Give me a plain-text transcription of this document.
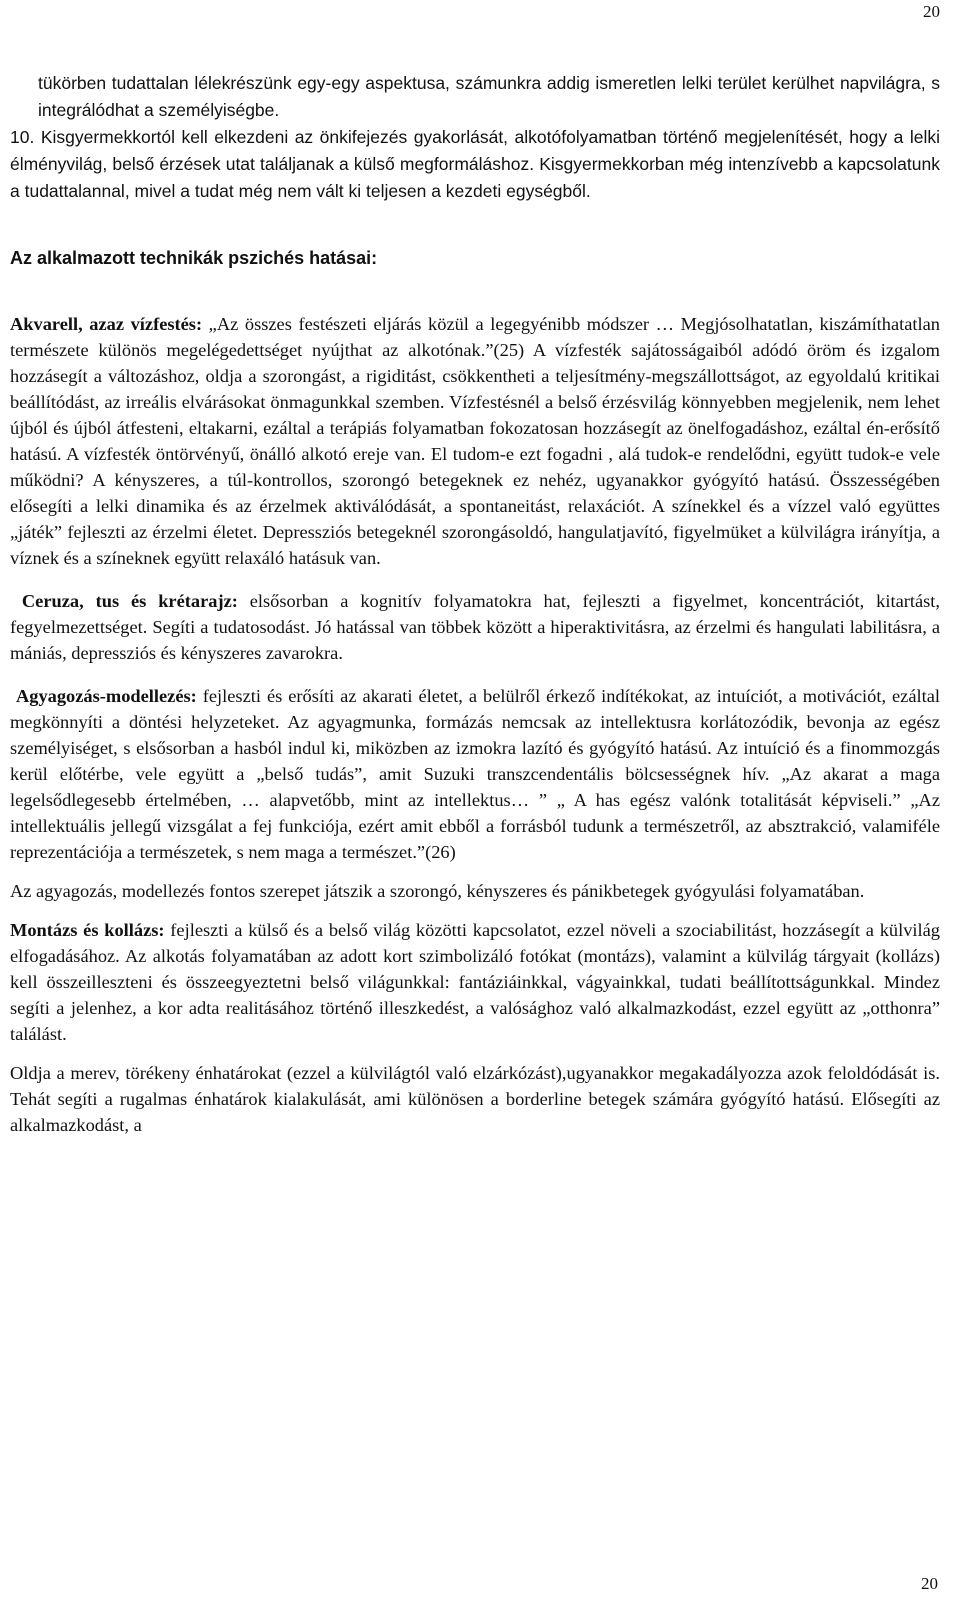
20

tükörben tudattalan lélekrészünk egy-egy aspektusa, számunkra addig ismeretlen lelki terület kerülhet napvilágra, s integrálódhat a személyiségbe.

10. Kisgyermekkortól kell elkezdeni az önkifejezés gyakorlását, alkotófolyamatban történő megjelenítését, hogy a lelki élményvilág, belső érzések utat találjanak a külső megformáláshoz. Kisgyermekkorban még intenzívebb a kapcsolatunk a tudattalannal, mivel a tudat még nem vált ki teljesen a kezdeti egységből.

Az alkalmazott technikák pszichés hatásai:

Akvarell, azaz vízfestés: „Az összes festészeti eljárás közül a legegyénibb módszer … Megjósolhatatlan, kiszámíthatatlan természete különös megelégedettséget nyújthat az alkotónak.”(25) A vízfesték sajátosságaiból adódó öröm és izgalom hozzásegít a változáshoz, oldja a szorongást, a rigiditást, csökkentheti a teljesítmény-megszállottságot, az egyoldalú kritikai beállítódást, az irreális elvárásokat önmagunkkal szemben. Vízfestésnél a belső érzésvilág könnyebben megjelenik, nem lehet újból és újból átfesteni, eltakarni, ezáltal a terápiás folyamatban fokozatosan hozzásegít az önelfogadáshoz, ezáltal én-erősítő hatású. A vízfesték öntörvényű, önálló alkotó ereje van. El tudom-e ezt fogadni , alá tudok-e rendelődni, együtt tudok-e vele működni? A kényszeres, a túl-kontrollos, szorongó betegeknek ez nehéz, ugyanakkor gyógyító hatású. Összességében elősegíti a lelki dinamika és az érzelmek aktiválódását, a spontaneitást, relaxációt. A színekkel és a vízzel való együttes „játék” fejleszti az érzelmi életet. Depressziós betegeknél szorongásoldó, hangulatjavító, figyelmüket a külvilágra irányítja, a víznek és a színeknek együtt relaxáló hatásuk van.

Ceruza, tus és krétarajz: elsősorban a kognitív folyamatokra hat, fejleszti a figyelmet, koncentrációt, kitartást, fegyelmezettséget. Segíti a tudatosodást. Jó hatással van többek között a hiperaktivitásra, az érzelmi és hangulati labilitásra, a mániás, depressziós és kényszeres zavarokra.

Agyagozás-modellezés: fejleszti és erősíti az akarati életet, a belülről érkező indítékokat, az intuíciót, a motivációt, ezáltal megkönnyíti a döntési helyzeteket. Az agyagmunka, formázás nemcsak az intellektusra korlátozódik, bevonja az egész személyiséget, s elsősorban a hasból indul ki, miközben az izmokra lazító és gyógyító hatású. Az intuíció és a finommozgás kerül előtérbe, vele együtt a „belső tudás”, amit Suzuki transzcendentális bölcsességnek hív. „Az akarat a maga legelsődlegesebb értelmében, … alapvetőbb, mint az intellektus… ” „ A has egész valónk totalitását képviseli.” „Az intellektuális jellegű vizsgálat a fej funkciója, ezért amit ebből a forrásból tudunk a természetről, az absztrakció, valamiféle reprezentációja a természetek, s nem maga a természet.”(26)

Az agyagozás, modellezés fontos szerepet játszik a szorongó, kényszeres és pánikbetegek gyógyulási folyamatában.

Montázs és kollázs: fejleszti a külső és a belső világ közötti kapcsolatot, ezzel növeli a szociabilitást, hozzásegít a külvilág elfogadásához. Az alkotás folyamatában az adott kort szimbolizáló fotókat (montázs), valamint a külvilág tárgyait (kollázs) kell összeilleszteni és összeegyeztetni belső világunkkal: fantáziáinkkal, vágyainkkal, tudati beállítottságunkkal. Mindez segíti a jelenhez, a kor adta realitásához történő illeszkedést, a valósághoz való alkalmazkodást, ezzel együtt az „otthonra” találást.

Oldja a merev, törékeny énhatárokat (ezzel a külvilágtól való elzárkózást),ugyanakkor megakadályozza azok feloldódását is. Tehát segíti a rugalmas énhatárok kialakulását, ami különösen a borderline betegek számára gyógyító hatású. Elősegíti az alkalmazkodást, a

20
